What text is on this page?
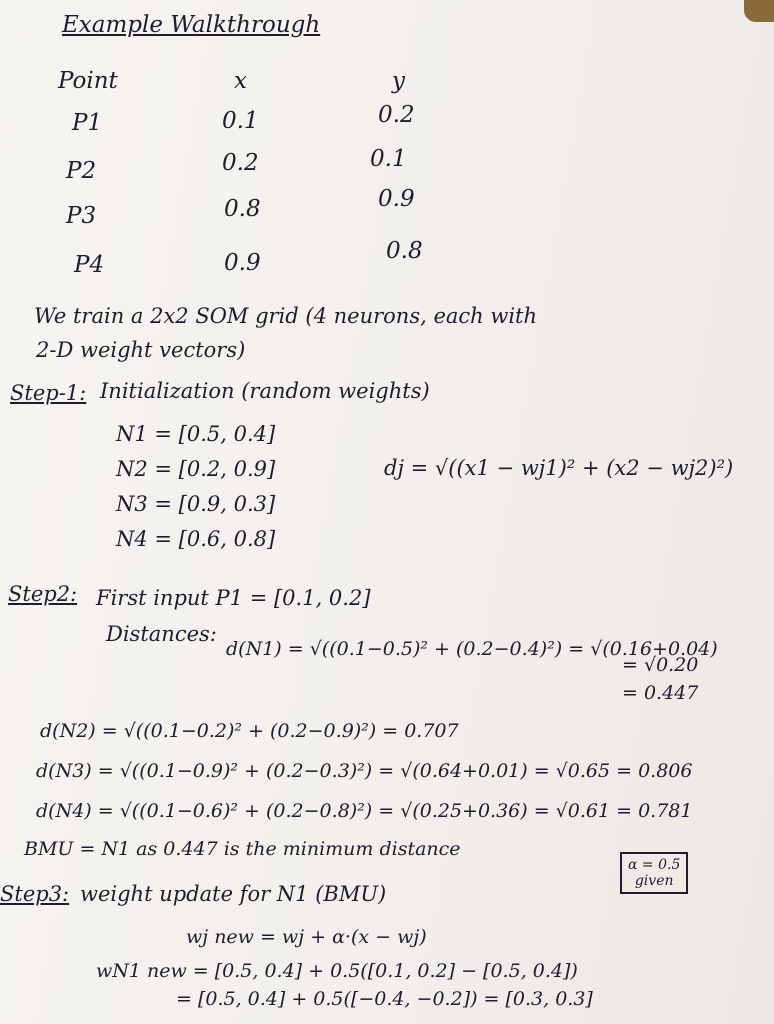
Example Walkthrough
Point	x	y
P1	0.1	0.2
P2	0.2	0.1
P3	0.8	0.9
P4	0.9	0.8
We train a 2x2 SOM grid (4 neurons, each with
2-D weight vectors)
Step-1: Initialization (random weights)
N1 = [0.5, 0.4]
N2 = [0.2, 0.9]
N3 = [0.9, 0.3]
N4 = [0.6, 0.8]
dj = √((x1 − wj1)² + (x2 − wj2)²)
Step2: First input P1 = [0.1, 0.2]
Distances:
d(N1) = √((0.1−0.5)² + (0.2−0.4)²) = √(0.16+0.04)
= √0.20
= 0.447
d(N2) = √((0.1−0.2)² + (0.2−0.9)²) = 0.707
d(N3) = √((0.1−0.9)² + (0.2−0.3)²) = √(0.64+0.01) = √0.65 = 0.806
d(N4) = √((0.1−0.6)² + (0.2−0.8)²) = √(0.25+0.36) = √0.61 = 0.781
BMU = N1 as 0.447 is the minimum distance
Step3: weight update for N1 (BMU)
α = 0.5
given
wj new = wj + α·(x − wj)
wN1 new = [0.5, 0.4] + 0.5([0.1, 0.2] − [0.5, 0.4])
= [0.5, 0.4] + 0.5([−0.4, −0.2]) = [0.3, 0.3]
